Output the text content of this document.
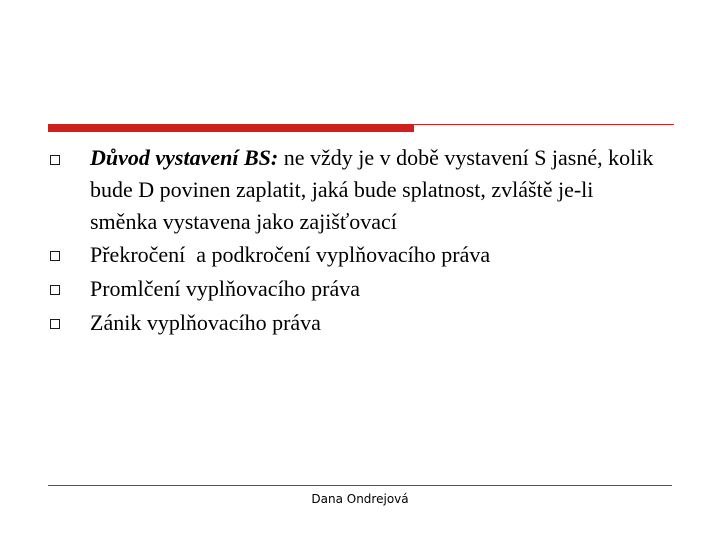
Důvod vystavení BS: ne vždy je v době vystavení S jasné, kolik bude D povinen zaplatit, jaká bude splatnost, zvláště je-li směnka vystavena jako zajišťovací
Překročení  a podkročení vyplňovacího práva
Promlčení vyplňovacího práva
Zánik vyplňovacího práva
Dana Ondrejová
